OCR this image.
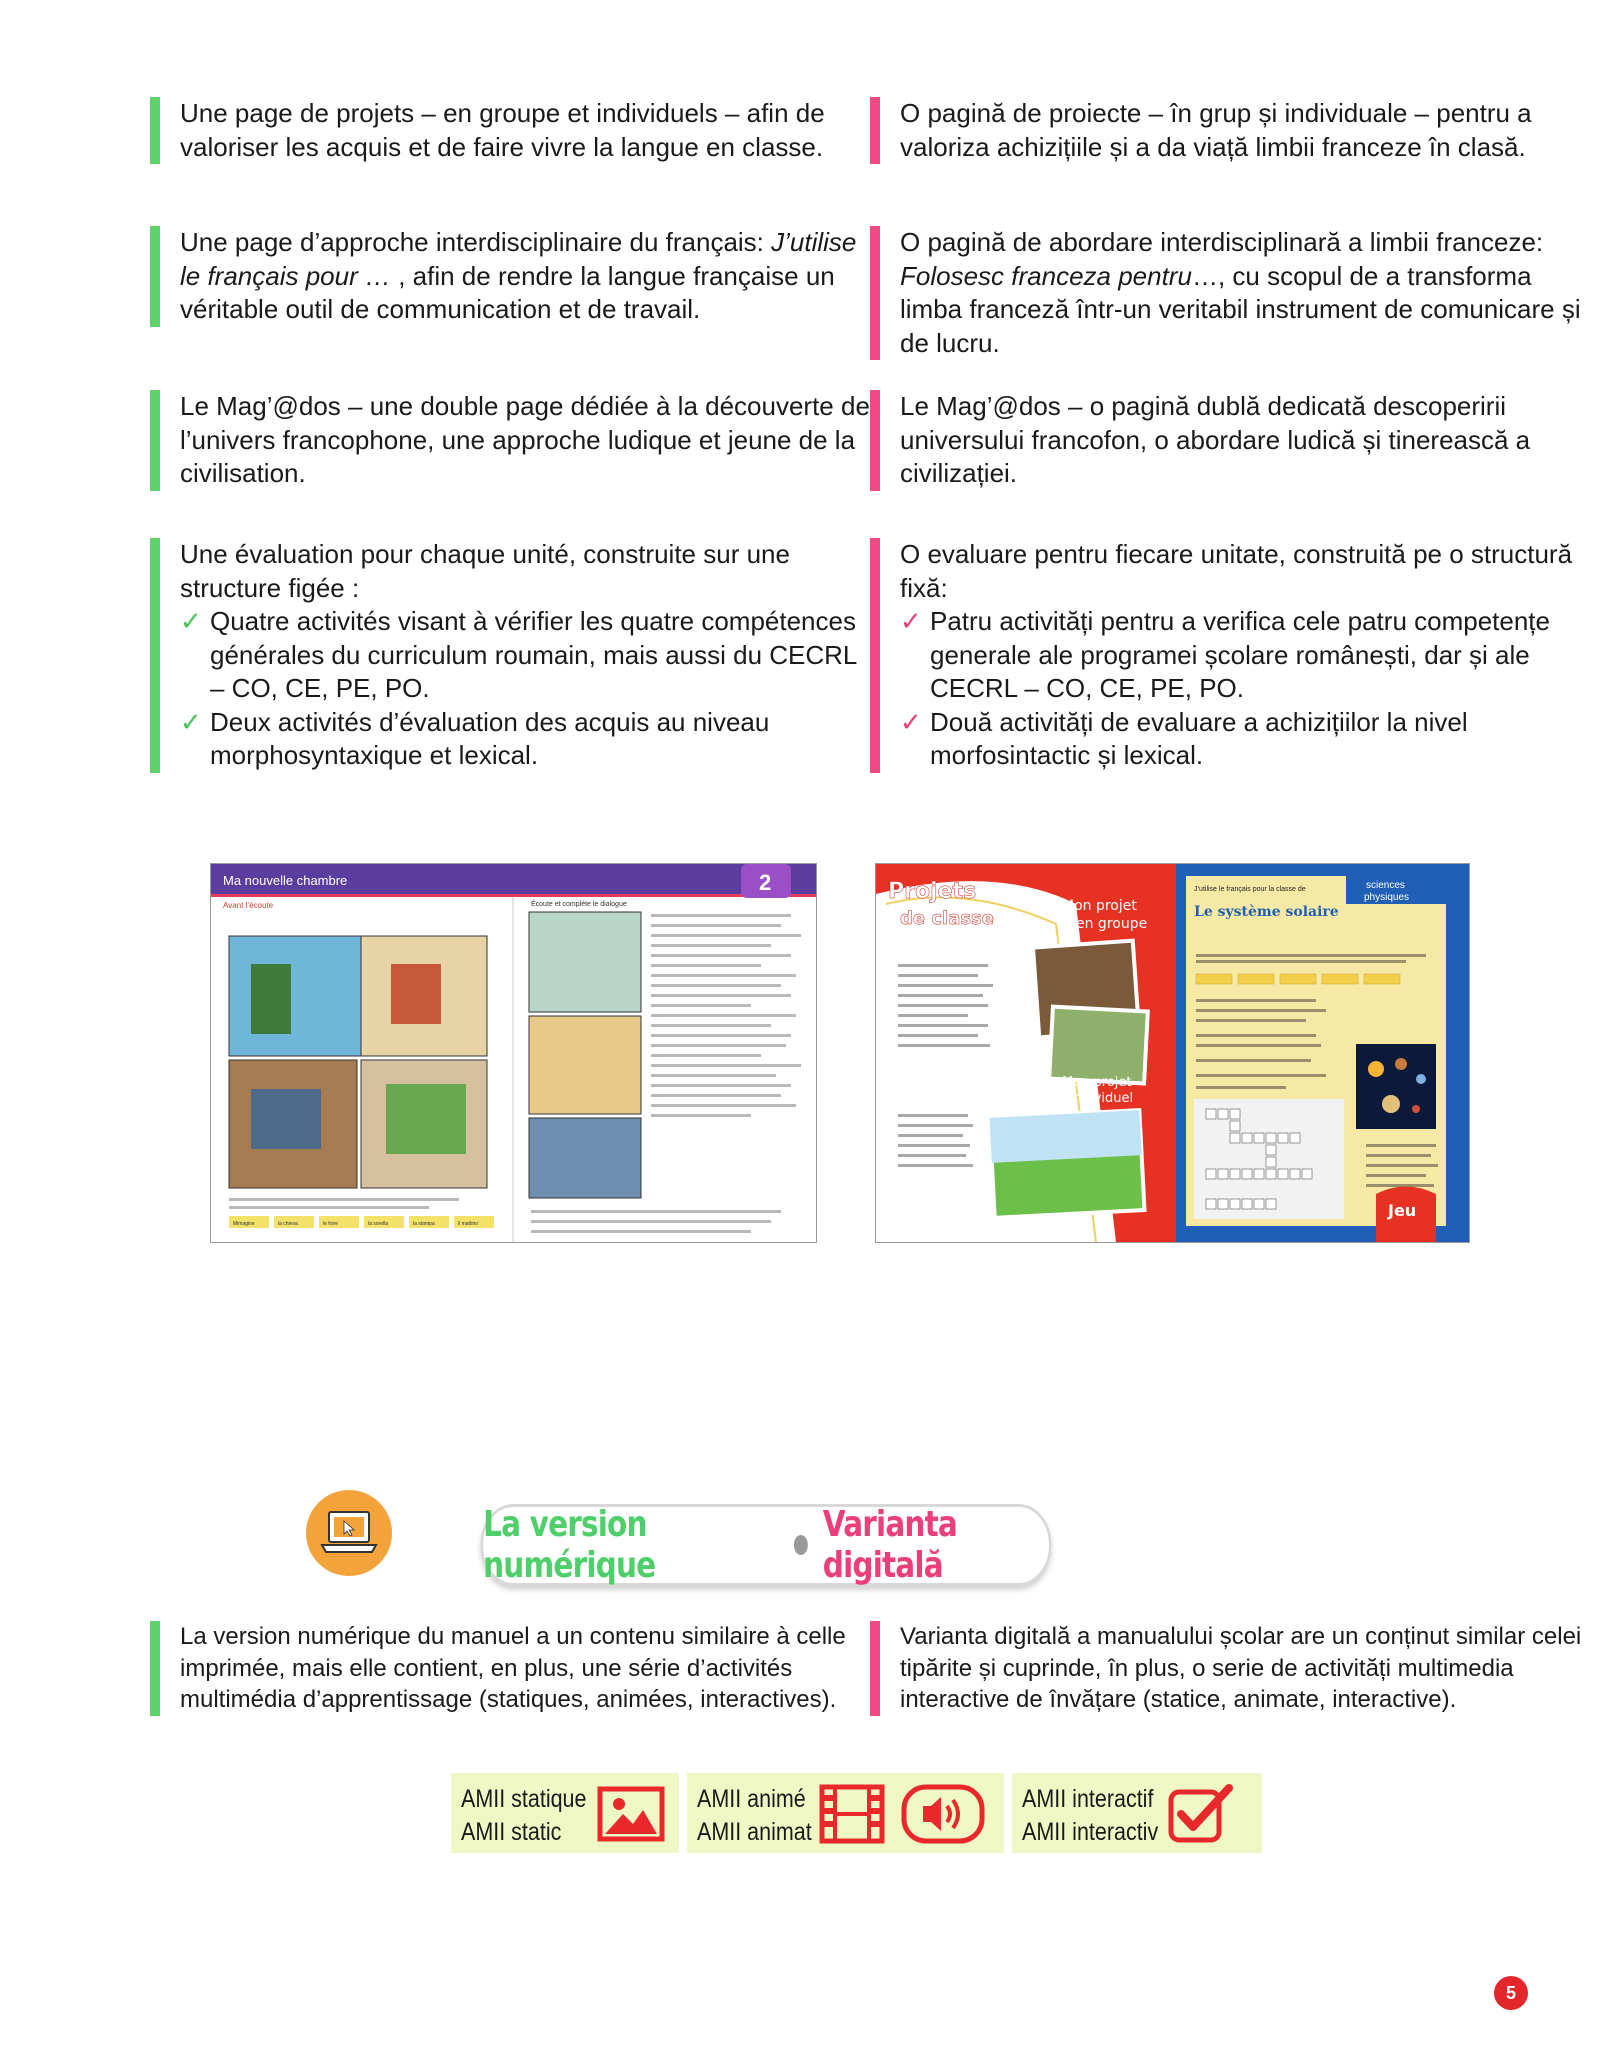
Une page de projets – en groupe et individuels – afin de valoriser les acquis et de faire vivre la langue en classe.

O pagină de proiecte – în grup și individuale – pentru a valoriza achizițiile și a da viață limbii franceze în clasă.

Une page d’approche interdisciplinaire du français: J’utilise le français pour … , afin de rendre la langue française un véritable outil de communication et de travail.

O pagină de abordare interdisciplinară a limbii franceze: Folosesc franceza pentru…, cu scopul de a transforma limba franceză într-un veritabil instrument de comunicare și de lucru.

Le Mag’@dos – une double page dédiée à la découverte de l’univers francophone, une approche ludique et jeune de la civilisation.

Le Mag’@dos – o pagină dublă dedicată descoperirii universului francofon, o abordare ludică și tinerească a civilizației.

Une évaluation pour chaque unité, construite sur une structure figée :

✓ Quatre activités visant à vérifier les quatre compétences générales du curriculum roumain, mais aussi du CECRL – CO, CE, PE, PO.
✓ Deux activités d’évaluation des acquis au niveau morphosyntaxique et lexical.

O evaluare pentru fiecare unitate, construită pe o structură fixă:

✓ Patru activități pentru a verifica cele patru competențe generale ale programei școlare românești, dar și ale CECRL – CO, CE, PE, PO.
✓ Două activități de evaluare a achizițiilor la nivel morfosintactic și lexical.
Ma nouvelle chambre	2
Avant l’écoute	Écoute et complète le dialogue
Mimagine	la chiesa	le foire	la sorella	la stampa	il mattino
Projets
de classe
Mon projet
en groupe
Mon projet
individuel
J’utilise le français pour la classe de	sciences
physiques
Le système solaire
Jeu
La version numérique
Varianta digitală

La version numérique du manuel a un contenu similaire à celle imprimée, mais elle contient, en plus, une série d’activités multimédia d’apprentissage (statiques, animées, interactives).

Varianta digitală a manualului școlar are un conținut similar celei tipărite și cuprinde, în plus, o serie de activități multimedia interactive de învățare (statice, animate, interactive).

AMII statique
AMII static
AMII animé
AMII animat
AMII interactif
AMII interactiv
5
